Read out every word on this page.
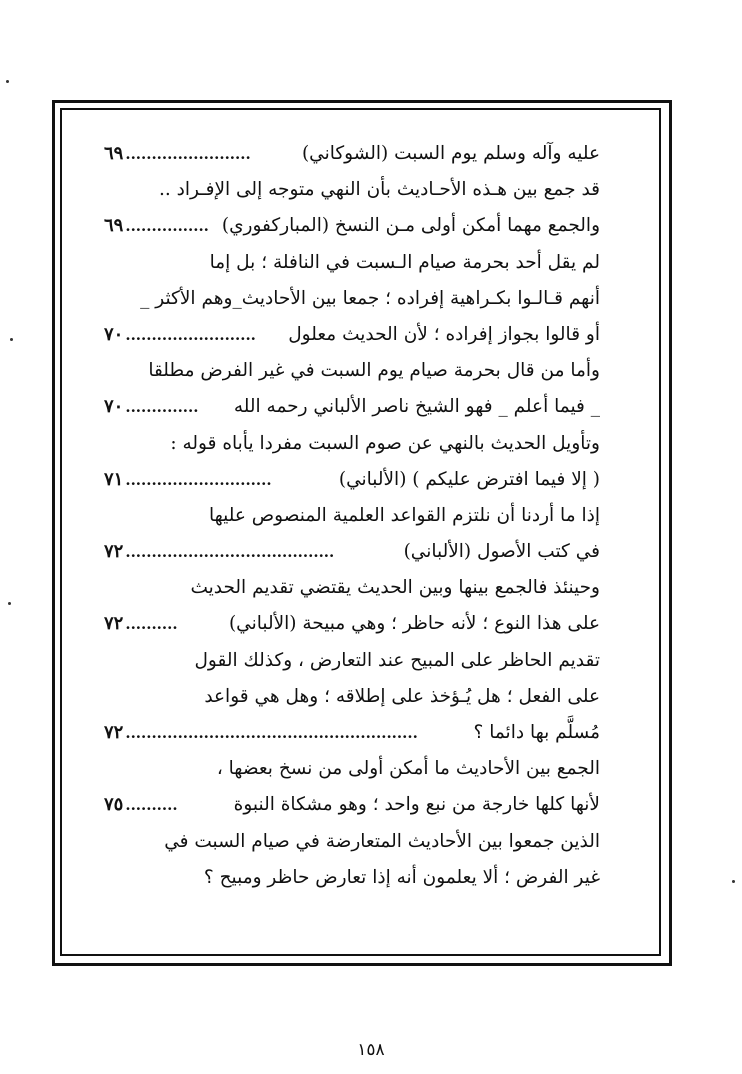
٦٩ ........................	عليه وآله وسلم يوم السبت (الشوكاني)
قد جمع بين هـذه الأحـاديث بأن النهي متوجه إلى الإفـراد ..
٦٩ ................ والجمع مهما أمكن أولى مـن النسخ (المباركفوري)
لم يقل أحد بحرمة صيام الـسبت في النافلة ؛ بل إما
أنهم قـالـوا بكـراهية إفراده ؛ جمعا بين الأحاديث_وهم الأكثر _
٧٠ .........................	أو قالوا بجواز إفراده ؛ لأن الحديث معلول
وأما من قال بحرمة صيام يوم السبت في غير الفرض مطلقا
٧٠ ..............	_ فيما أعلم _ فهو الشيخ ناصر الألباني رحمه الله
وتأويل الحديث بالنهي عن صوم السبت مفردا يأباه قوله :
٧١ ............................	( إلا فيما افترض عليكم ) (الألباني)
إذا ما أردنا أن نلتزم القواعد العلمية المنصوص عليها
٧٢ ........................................	في كتب الأصول (الألباني)
وحينئذ فالجمع بينها وبين الحديث يقتضي تقديم الحديث
٧٢ ..........	على هذا النوع ؛ لأنه حاظر ؛ وهي مبيحة (الألباني)
تقديم الحاظر على المبيح عند التعارض ، وكذلك القول
على الفعل ؛ هل يُـؤخذ على إطلاقه ؛ وهل هي قواعد
٧٢ ........................................................	مُسلَّم بها دائما ؟
الجمع بين الأحاديث ما أمكن أولى من نسخ بعضها ،
٧٥ ..........	لأنها كلها خارجة من نبع واحد ؛ وهو مشكاة النبوة
الذين جمعوا بين الأحاديث المتعارضة في صيام السبت في
غير الفرض ؛ ألا يعلمون أنه إذا تعارض حاظر ومبيح ؟
١٥٨
